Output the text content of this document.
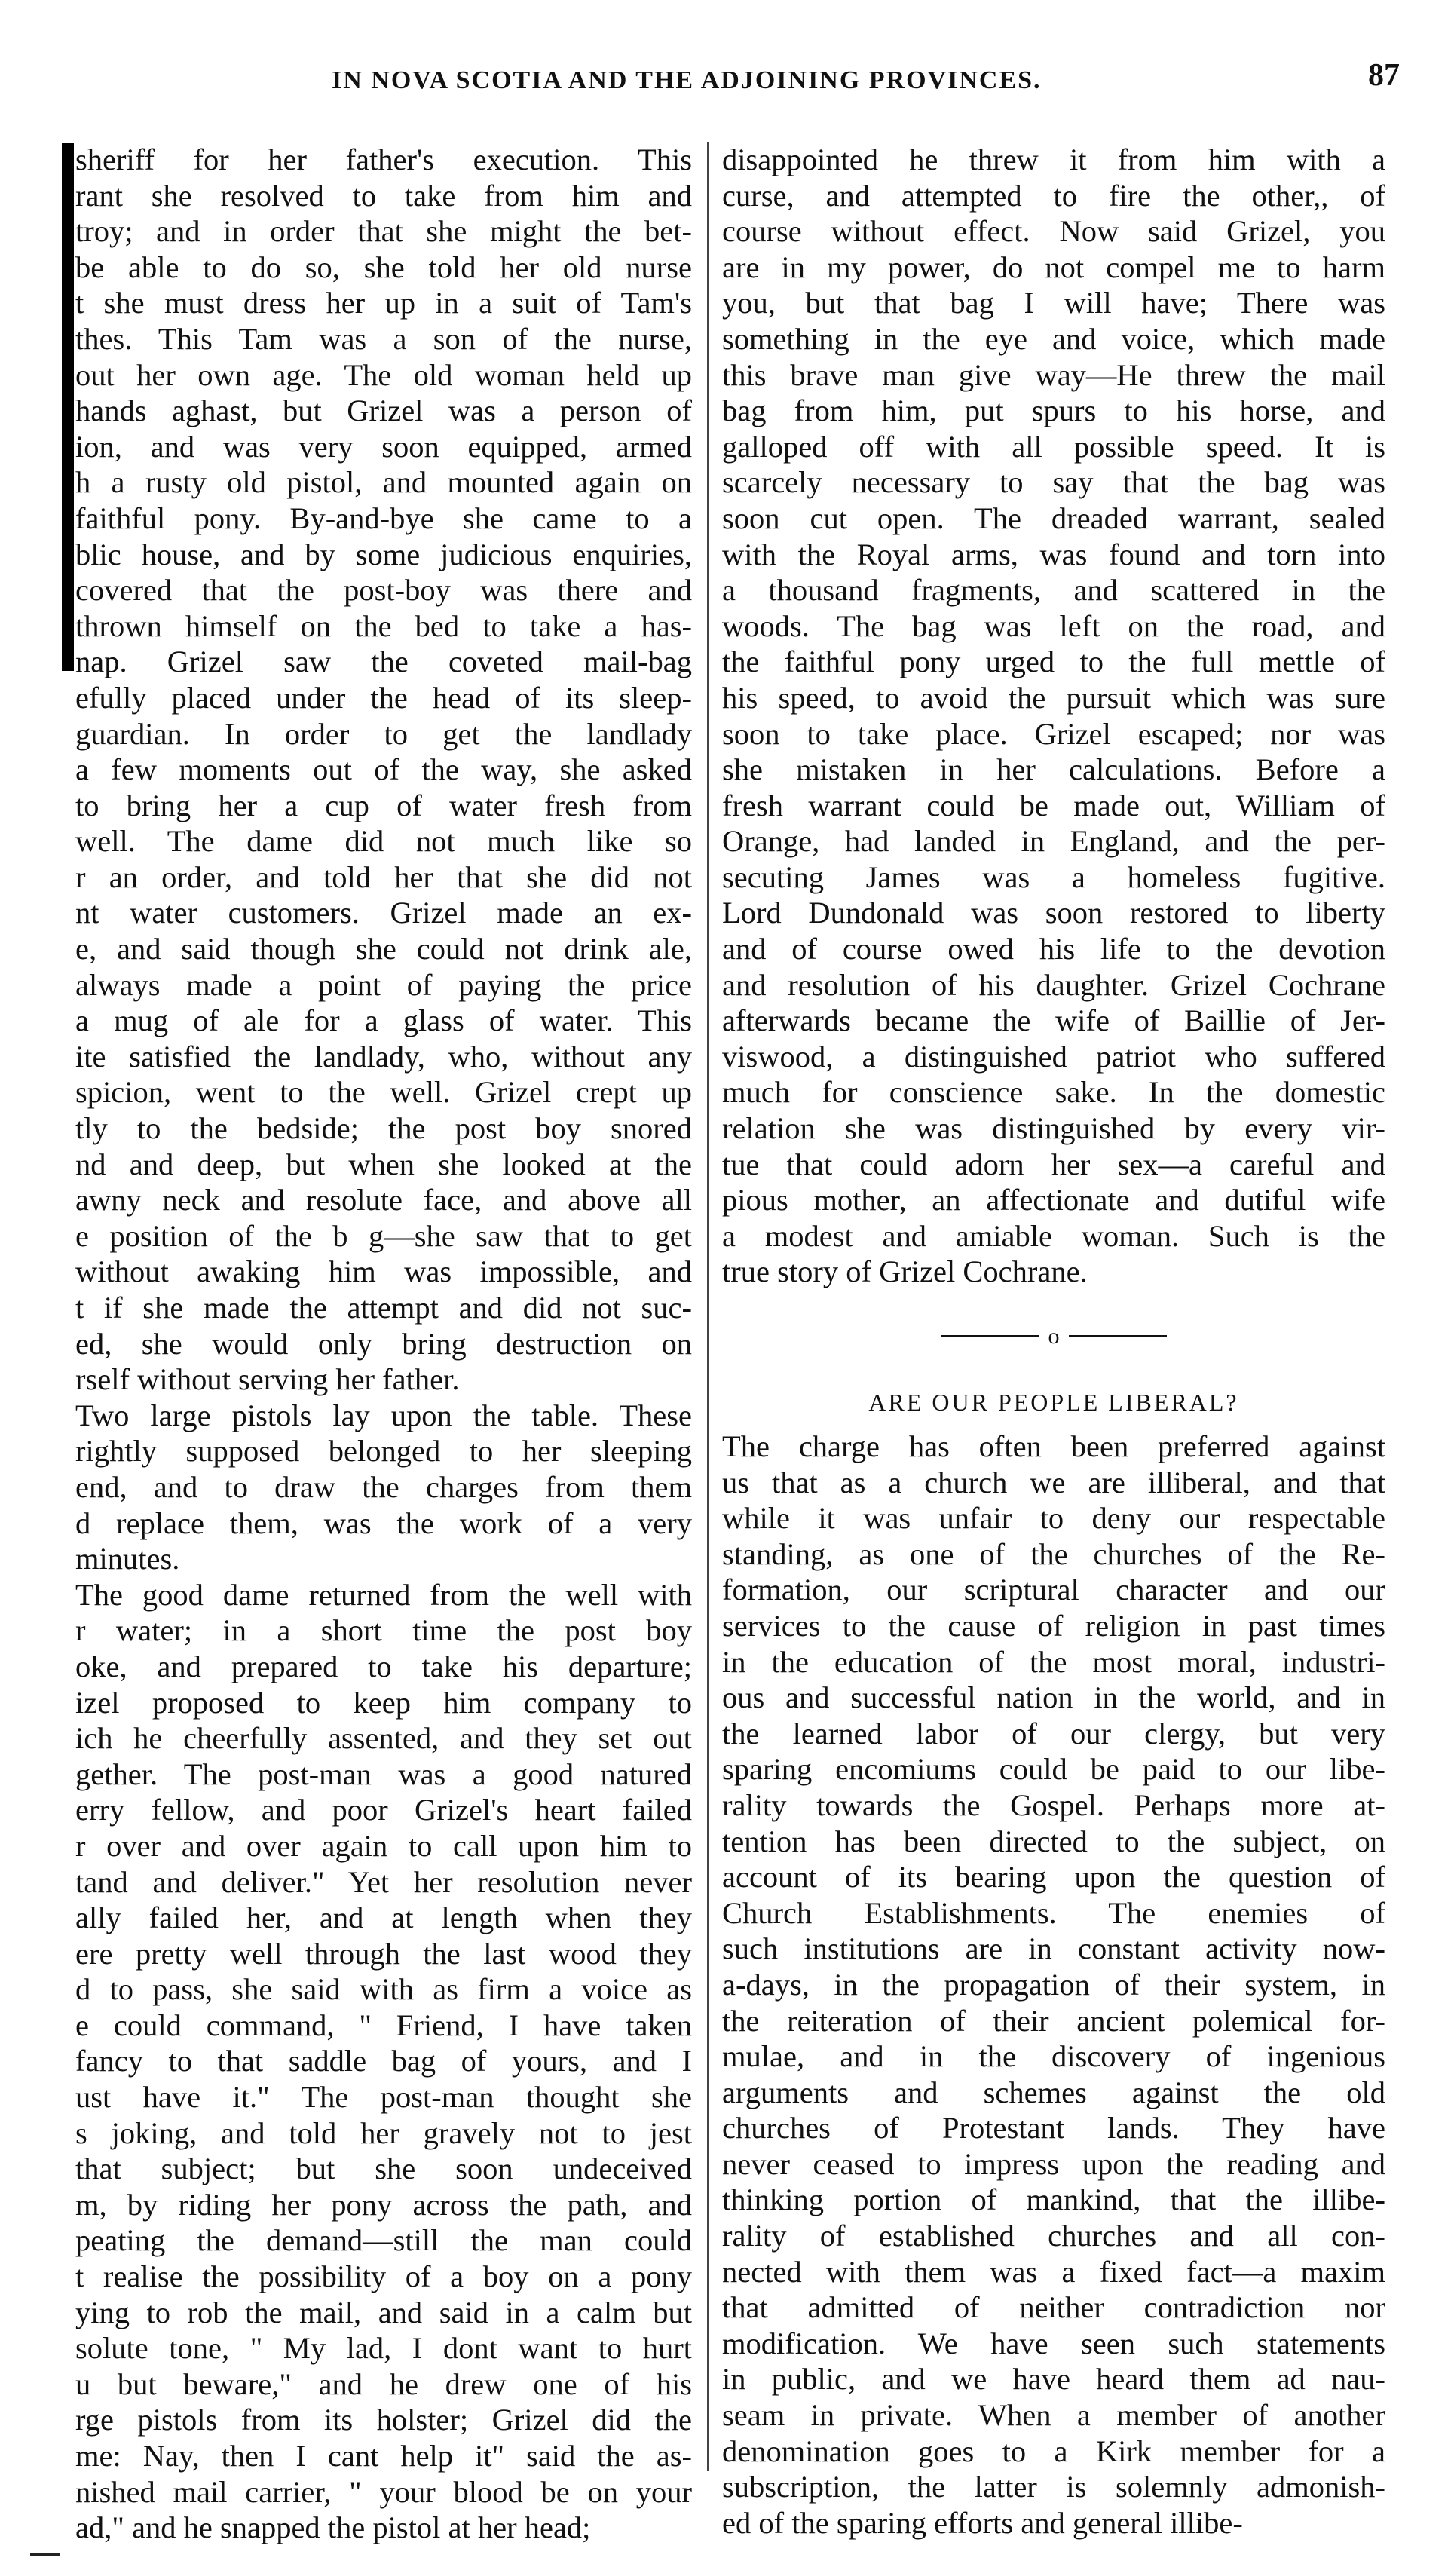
IN NOVA SCOTIA AND THE ADJOINING PROVINCES.	87
sheriff for her father's execution. This
rant she resolved to take from him and
troy; and in order that she might the bet-
be able to do so, she told her old nurse
t she must dress her up in a suit of Tam's
thes. This Tam was a son of the nurse,
out her own age. The old woman held up
hands aghast, but Grizel was a person of
ion, and was very soon equipped, armed
h a rusty old pistol, and mounted again on
faithful pony. By-and-bye she came to a
blic house, and by some judicious enquiries,
covered that the post-boy was there and
thrown himself on the bed to take a has-
nap. Grizel saw the coveted mail-bag
efully placed under the head of its sleep-
guardian. In order to get the landlady
a few moments out of the way, she asked
to bring her a cup of water fresh from
well. The dame did not much like so
r an order, and told her that she did not
nt water customers. Grizel made an ex-
e, and said though she could not drink ale,
always made a point of paying the price
a mug of ale for a glass of water. This
ite satisfied the landlady, who, without any
spicion, went to the well. Grizel crept up
tly to the bedside; the post boy snored
nd and deep, but when she looked at the
awny neck and resolute face, and above all
e position of the b g—she saw that to get
without awaking him was impossible, and
t if she made the attempt and did not suc-
ed, she would only bring destruction on
rself without serving her father.
Two large pistols lay upon the table. These
rightly supposed belonged to her sleeping
end, and to draw the charges from them
d replace them, was the work of a very
minutes.
The good dame returned from the well with
r water; in a short time the post boy
oke, and prepared to take his departure;
izel proposed to keep him company to
ich he cheerfully assented, and they set out
gether. The post-man was a good natured
erry fellow, and poor Grizel's heart failed
r over and over again to call upon him to
tand and deliver." Yet her resolution never
ally failed her, and at length when they
ere pretty well through the last wood they
d to pass, she said with as firm a voice as
e could command, " Friend, I have taken
fancy to that saddle bag of yours, and I
ust have it." The post-man thought she
s joking, and told her gravely not to jest
that subject; but she soon undeceived
m, by riding her pony across the path, and
peating the demand—still the man could
t realise the possibility of a boy on a pony
ying to rob the mail, and said in a calm but
solute tone, " My lad, I dont want to hurt
u but beware," and he drew one of his
rge pistols from its holster; Grizel did the
me: Nay, then I cant help it" said the as-
nished mail carrier, " your blood be on your
ad," and he snapped the pistol at her head;
disappointed he threw it from him with a
curse, and attempted to fire the other,, of
course without effect. Now said Grizel, you
are in my power, do not compel me to harm
you, but that bag I will have; There was
something in the eye and voice, which made
this brave man give way—He threw the mail
bag from him, put spurs to his horse, and
galloped off with all possible speed. It is
scarcely necessary to say that the bag was
soon cut open. The dreaded warrant, sealed
with the Royal arms, was found and torn into
a thousand fragments, and scattered in the
woods. The bag was left on the road, and
the faithful pony urged to the full mettle of
his speed, to avoid the pursuit which was sure
soon to take place. Grizel escaped; nor was
she mistaken in her calculations. Before a
fresh warrant could be made out, William of
Orange, had landed in England, and the per-
secuting James was a homeless fugitive.
Lord Dundonald was soon restored to liberty
and of course owed his life to the devotion
and resolution of his daughter. Grizel Cochrane
afterwards became the wife of Baillie of Jer-
viswood, a distinguished patriot who suffered
much for conscience sake. In the domestic
relation she was distinguished by every vir-
tue that could adorn her sex—a careful and
pious mother, an affectionate and dutiful wife
a modest and amiable woman. Such is the
true story of Grizel Cochrane.
o
ARE OUR PEOPLE LIBERAL?
The charge has often been preferred against
us that as a church we are illiberal, and that
while it was unfair to deny our respectable
standing, as one of the churches of the Re-
formation, our scriptural character and our
services to the cause of religion in past times
in the education of the most moral, industri-
ous and successful nation in the world, and in
the learned labor of our clergy, but very
sparing encomiums could be paid to our libe-
rality towards the Gospel. Perhaps more at-
tention has been directed to the subject, on
account of its bearing upon the question of
Church Establishments. The enemies of
such institutions are in constant activity now-
a-days, in the propagation of their system, in
the reiteration of their ancient polemical for-
mulae, and in the discovery of ingenious
arguments and schemes against the old
churches of Protestant lands. They have
never ceased to impress upon the reading and
thinking portion of mankind, that the illibe-
rality of established churches and all con-
nected with them was a fixed fact—a maxim
that admitted of neither contradiction nor
modification. We have seen such statements
in public, and we have heard them ad nau-
seam in private. When a member of another
denomination goes to a Kirk member for a
subscription, the latter is solemnly admonish-
ed of the sparing efforts and general illibe-
